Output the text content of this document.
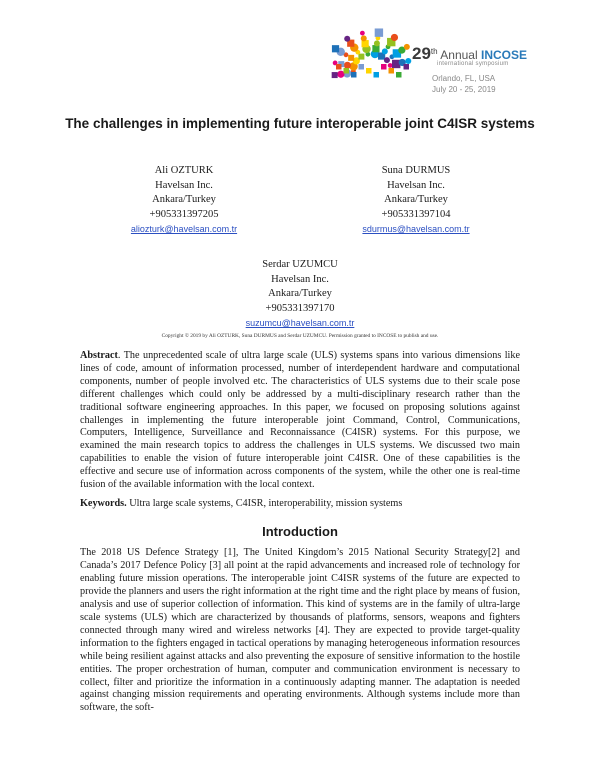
29th Annual INCOSE
international symposium
Orlando, FL, USA
July 20 - 25, 2019
The challenges in implementing future interoperable joint C4ISR systems
Ali OZTURK
Havelsan Inc.
Ankara/Turkey
+905331397205
aliozturk@havelsan.com.tr
Suna DURMUS
Havelsan Inc.
Ankara/Turkey
+905331397104
sdurmus@havelsan.com.tr
Serdar UZUMCU
Havelsan Inc.
Ankara/Turkey
+905331397170
suzumcu@havelsan.com.tr
Copyright © 2019 by Ali OZTURK, Suna DURMUS and Serdar UZUMCU. Permission granted to INCOSE to publish and use.
Abstract. The unprecedented scale of ultra large scale (ULS) systems spans into various dimensions like lines of code, amount of information processed, number of interdependent hardware and computational components, number of people involved etc. The characteristics of ULS systems due to their scale pose different challenges which could only be addressed by a multi-disciplinary research rather than the traditional software engineering approaches. In this paper, we focused on proposing solutions against challenges in implementing the future interoperable joint Command, Control, Communications, Computers, Intelligence, Surveillance and Reconnaissance (C4ISR) systems. For this purpose, we examined the main research topics to address the challenges in ULS systems. We discussed two main capabilities to enable the vision of future interoperable joint C4ISR. One of these capabilities is the effective and secure use of information across components of the system, while the other one is real-time fusion of the available information with the local context.
Keywords. Ultra large scale systems, C4ISR, interoperability, mission systems
Introduction
The 2018 US Defence Strategy [1], The United Kingdom’s 2015 National Security Strategy[2] and Canada’s 2017 Defence Policy [3] all point at the rapid advancements and increased role of technology for enabling future mission operations. The interoperable joint C4ISR systems of the future are expected to provide the planners and users the right information at the right time and the right place by means of fusion, analysis and use of superior collection of information. This kind of systems are in the family of ultra-large scale systems (ULS) which are characterized by thousands of platforms, sensors, weapons and fighters connected through many wired and wireless networks [4]. They are expected to provide target-quality information to the fighters engaged in tactical operations by managing heterogeneous information resources while being resilient against attacks and also preventing the exposure of sensitive information to the hostile entities. The proper orchestration of human, computer and communication environment is necessary to collect, filter and prioritize the information in a continuously adapting manner. The adaptation is needed against changing mission requirements and operating environments. Although systems include more than software, the soft-
